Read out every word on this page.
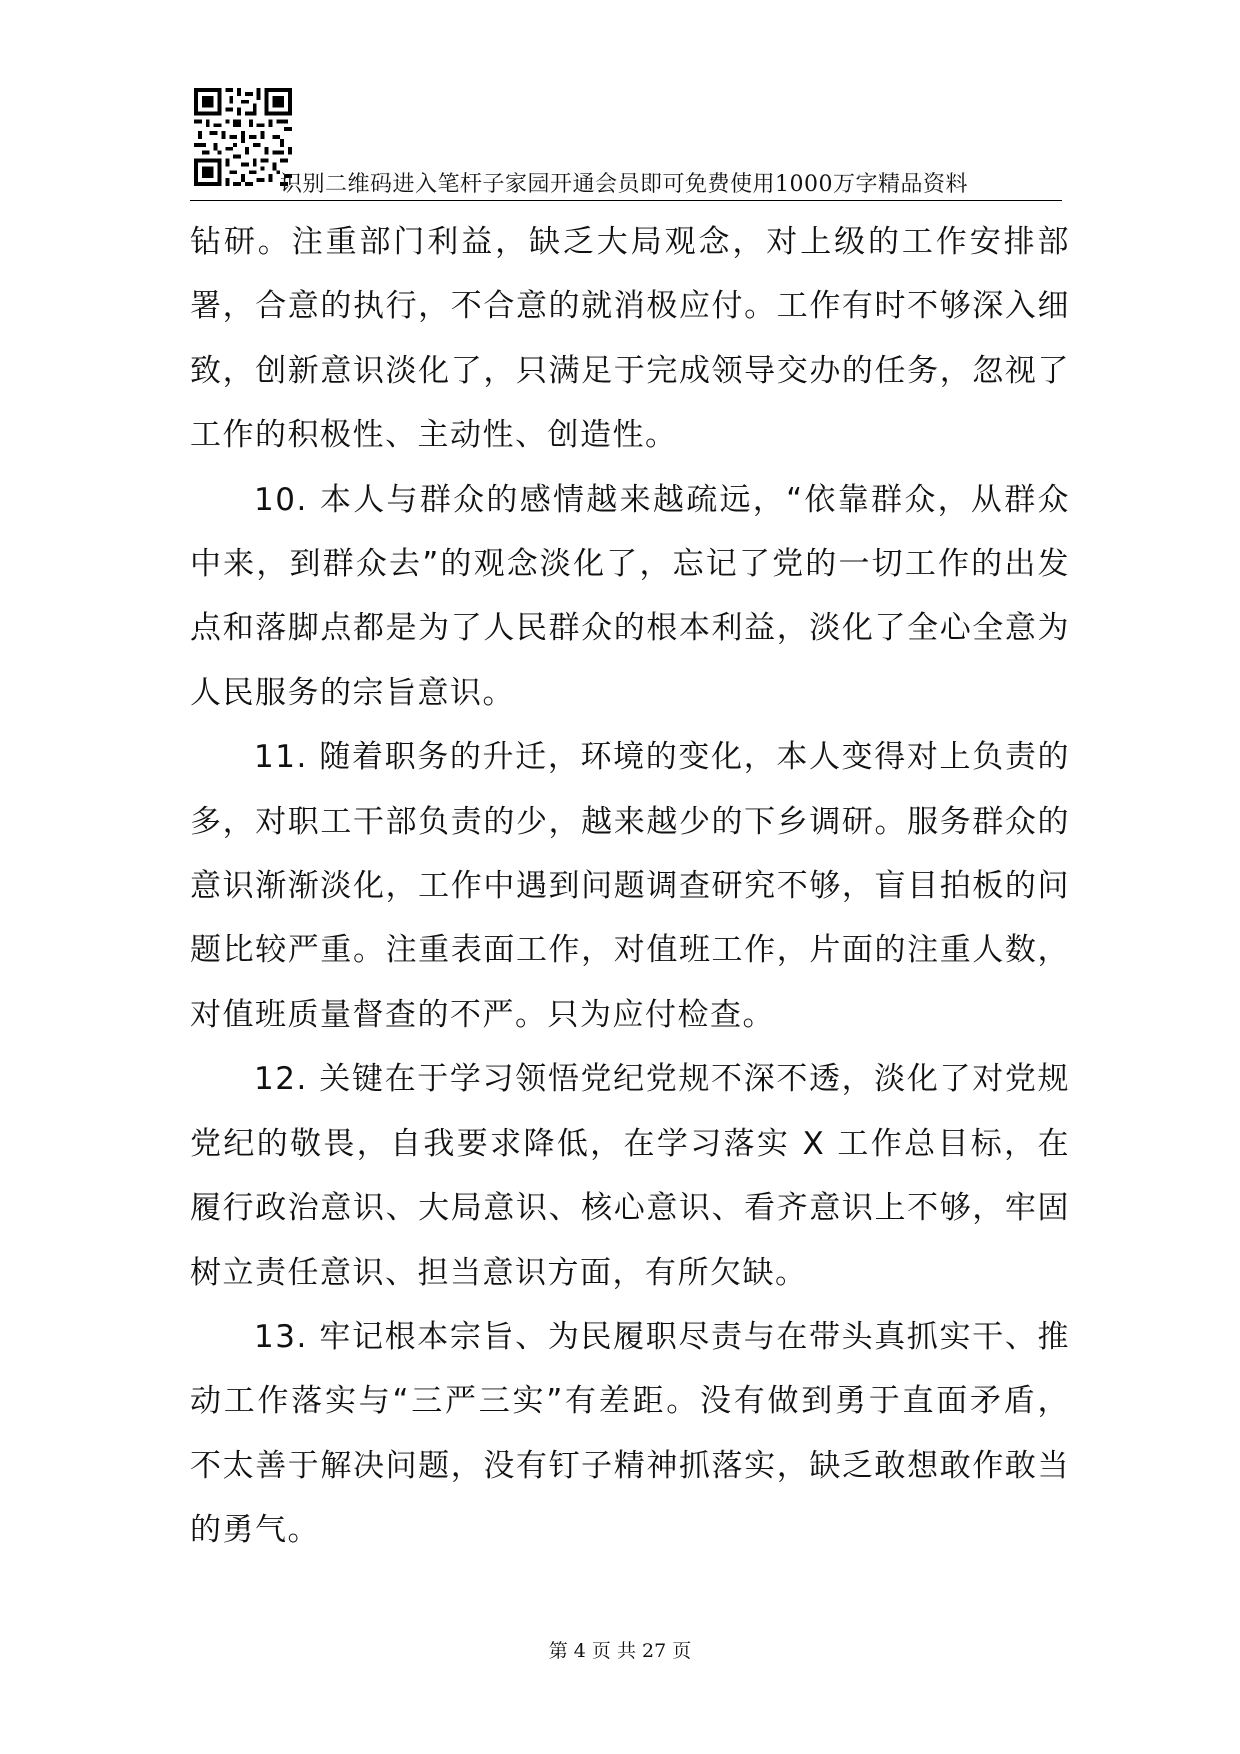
识别二维码进入笔杆子家园开通会员即可免费使用1000万字精品资料

钻研。注重部门利益，缺乏大局观念，对上级的工作安排部署，合意的执行，不合意的就消极应付。工作有时不够深入细致，创新意识淡化了，只满足于完成领导交办的任务，忽视了工作的积极性、主动性、创造性。

10. 本人与群众的感情越来越疏远，“依靠群众，从群众中来，到群众去”的观念淡化了，忘记了党的一切工作的出发点和落脚点都是为了人民群众的根本利益，淡化了全心全意为人民服务的宗旨意识。

11. 随着职务的升迁，环境的变化，本人变得对上负责的多，对职工干部负责的少，越来越少的下乡调研。服务群众的意识渐渐淡化，工作中遇到问题调查研究不够，盲目拍板的问题比较严重。注重表面工作，对值班工作，片面的注重人数，对值班质量督查的不严。只为应付检查。

12. 关键在于学习领悟党纪党规不深不透，淡化了对党规党纪的敬畏，自我要求降低，在学习落实 X 工作总目标，在履行政治意识、大局意识、核心意识、看齐意识上不够，牢固树立责任意识、担当意识方面，有所欠缺。

13. 牢记根本宗旨、为民履职尽责与在带头真抓实干、推动工作落实与“三严三实”有差距。没有做到勇于直面矛盾，不太善于解决问题，没有钉子精神抓落实，缺乏敢想敢作敢当的勇气。

第 4 页 共 27 页
